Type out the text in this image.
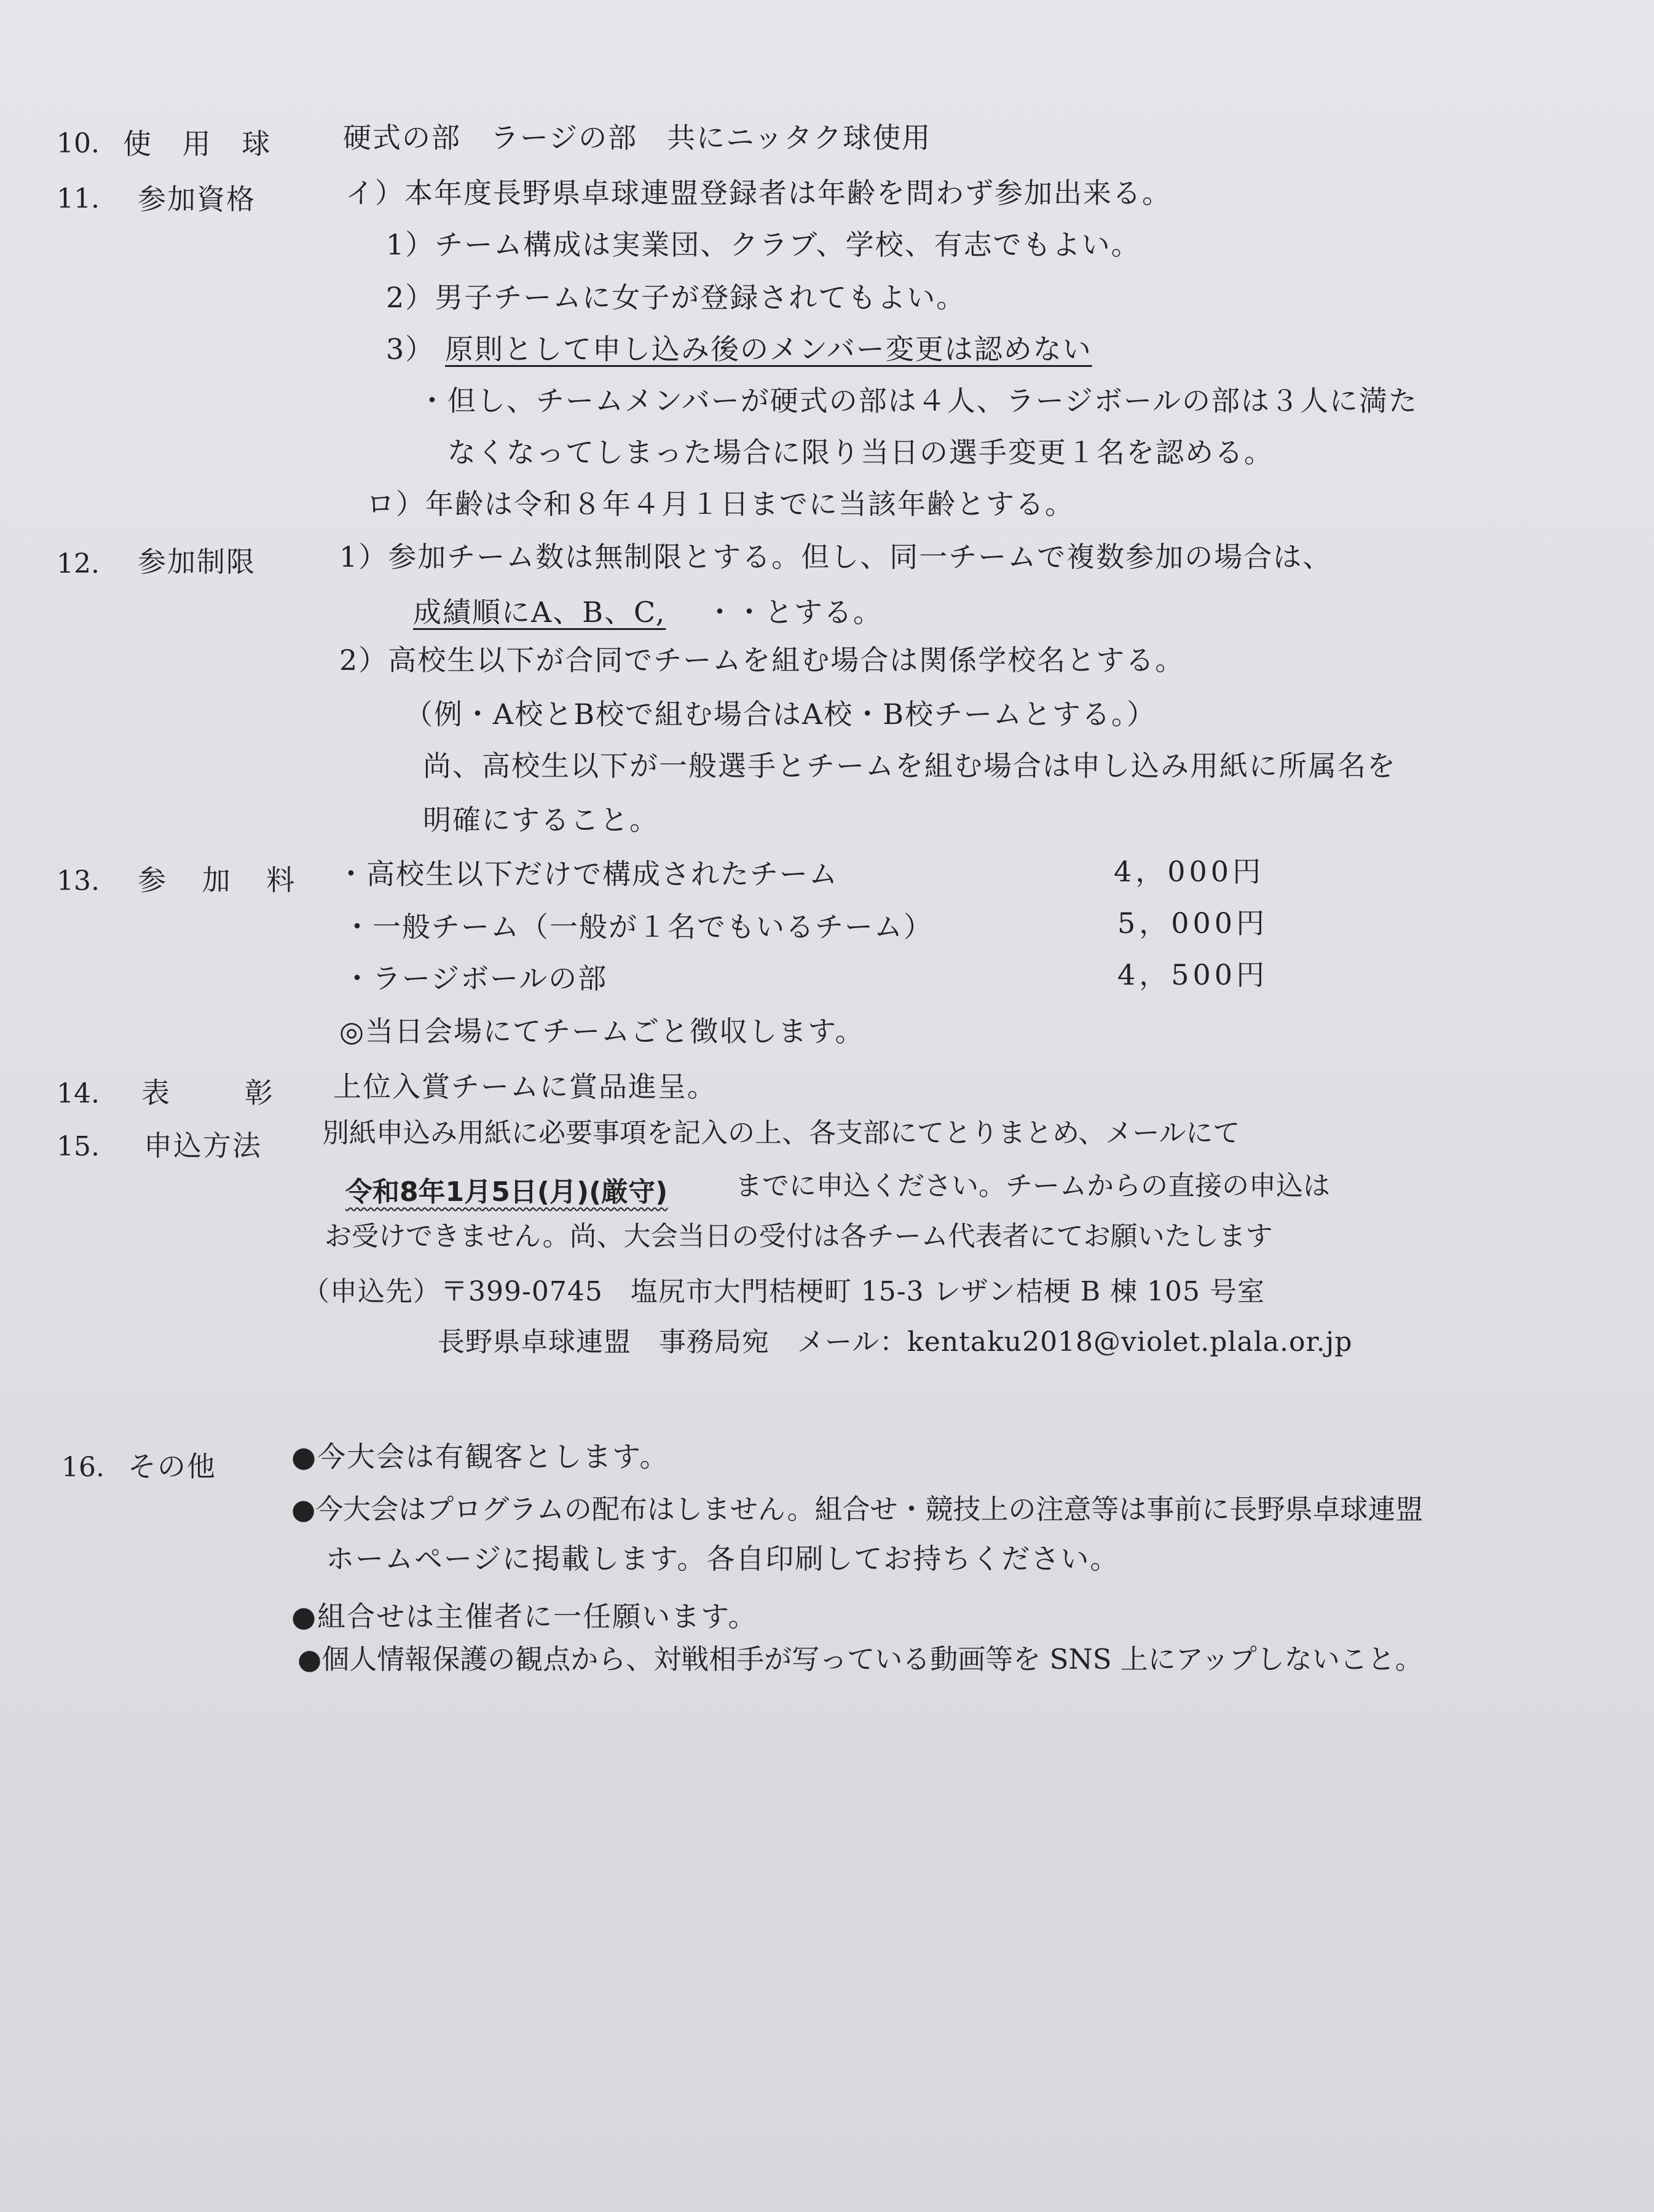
10. 使 用 球 硬式の部　ラージの部　共にニッタク球使用
11. 参加資格	イ）本年度長野県卓球連盟登録者は年齢を問わず参加出来る。
1）チーム構成は実業団、クラブ、学校、有志でもよい。
2）男子チームに女子が登録されてもよい。
3） 原則として申し込み後のメンバー変更は認めない
・但し、チームメンバーが硬式の部は４人、ラージボールの部は３人に満た
なくなってしまった場合に限り当日の選手変更１名を認める。
ロ）年齢は令和８年４月１日までに当該年齢とする。
12. 参加制限	1）参加チーム数は無制限とする。但し、同一チームで複数参加の場合は、
成績順にA、B、C, ・・とする。
2）高校生以下が合同でチームを組む場合は関係学校名とする。
（例・A校とB校で組む場合はA校・B校チームとする。）
尚、高校生以下が一般選手とチームを組む場合は申し込み用紙に所属名を
明確にすること。
13. 参 加 料 ・高校生以下だけで構成されたチーム	4，000円
・一般チーム（一般が１名でもいるチーム）	5，000円
・ラージボールの部	4，500円
◎当日会場にてチームごと徴収します。
14. 表　彰 上位入賞チームに賞品進呈。
15. 申込方法 別紙申込み用紙に必要事項を記入の上、各支部にてとりまとめ、メールにて
令和8年1月5日(月)(厳守) までに申込ください。チームからの直接の申込は
お受けできません。尚、大会当日の受付は各チーム代表者にてお願いたします
（申込先）〒399-0745　塩尻市大門桔梗町 15-3 レザン桔梗 B 棟 105 号室
長野県卓球連盟　事務局宛　メール：kentaku2018@violet.plala.or.jp
16. その他	●今大会は有観客とします。
●今大会はプログラムの配布はしません。組合せ・競技上の注意等は事前に長野県卓球連盟
ホームページに掲載します。各自印刷してお持ちください。
●組合せは主催者に一任願います。
●個人情報保護の観点から、対戦相手が写っている動画等を SNS 上にアップしないこと。
